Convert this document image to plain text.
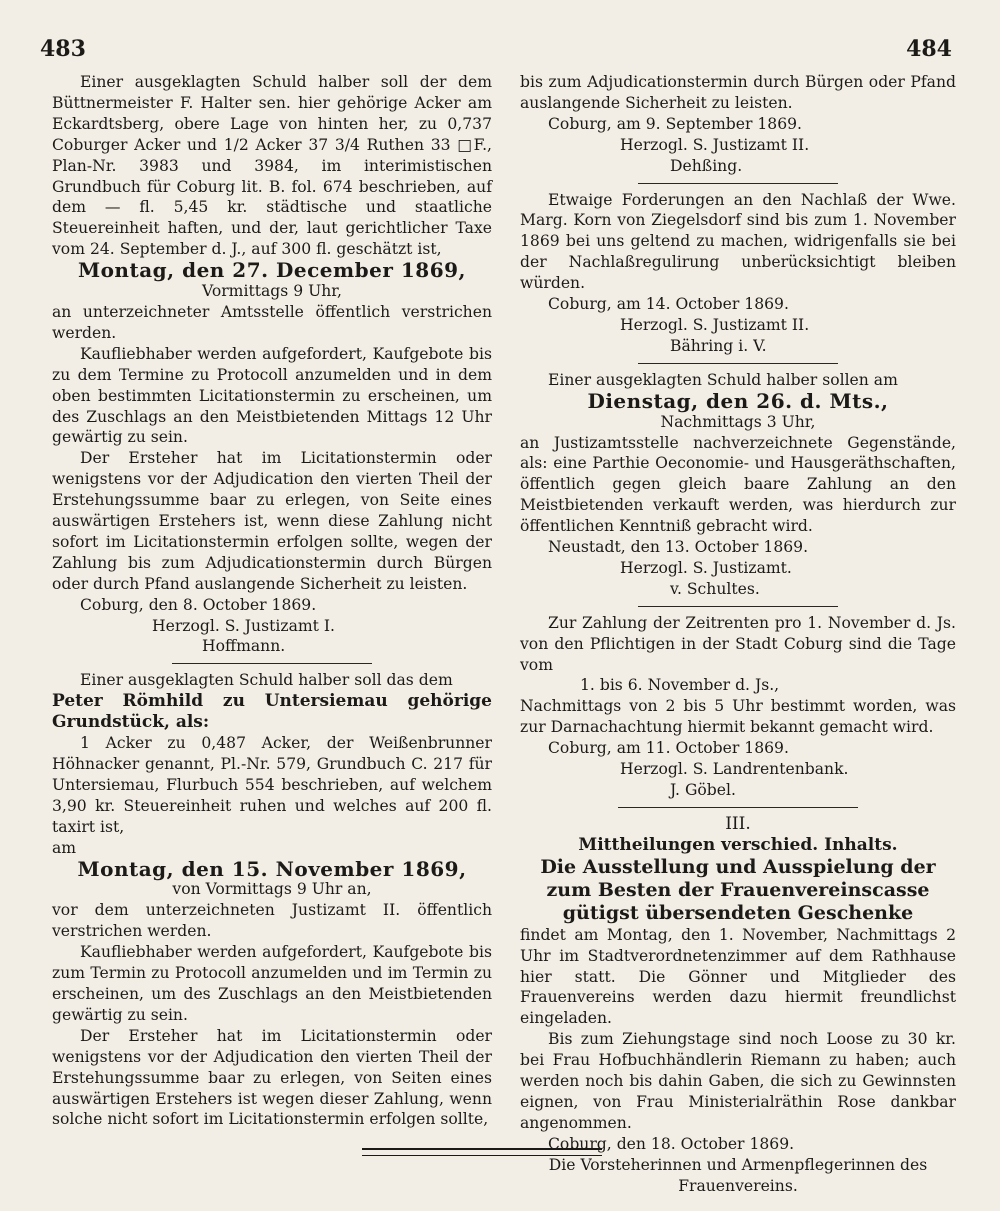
483	484

Einer ausgeklagten Schuld halber soll der dem Büttnermeister F. Halter sen. hier gehörige Acker am Eckardtsberg, obere Lage von hinten her, zu 0,737 Coburger Acker und 1/2 Acker 37 3/4 Ruthen 33 □F., Plan-Nr. 3983 und 3984, im interimistischen Grundbuch für Coburg lit. B. fol. 674 beschrieben, auf dem — fl. 5,45 kr. städtische und staatliche Steuereinheit haften, und der, laut gerichtlicher Taxe vom 24. September d. J., auf 300 fl. geschätzt ist,

Montag, den 27. December 1869,

Vormittags 9 Uhr,

an unterzeichneter Amtsstelle öffentlich verstrichen werden.

Kaufliebhaber werden aufgefordert, Kaufgebote bis zu dem Termine zu Protocoll anzumelden und in dem oben bestimmten Licitationstermin zu erscheinen, um des Zuschlags an den Meistbietenden Mittags 12 Uhr gewärtig zu sein.

Der Ersteher hat im Licitationstermin oder wenigstens vor der Adjudication den vierten Theil der Erstehungssumme baar zu erlegen, von Seite eines auswärtigen Erstehers ist, wenn diese Zahlung nicht sofort im Licitationstermin erfolgen sollte, wegen der Zahlung bis zum Adjudicationstermin durch Bürgen oder durch Pfand auslangende Sicherheit zu leisten.

Coburg, den 8. October 1869.

Herzogl. S. Justizamt I.

Hoffmann.

Einer ausgeklagten Schuld halber soll das dem

Peter Römhild zu Untersiemau gehörige Grundstück, als:

1 Acker zu 0,487 Acker, der Weißenbrunner Höhnacker genannt, Pl.-Nr. 579, Grundbuch C. 217 für Untersiemau, Flurbuch 554 beschrieben, auf welchem 3,90 kr. Steuereinheit ruhen und welches auf 200 fl. taxirt ist,

am

Montag, den 15. November 1869,

von Vormittags 9 Uhr an,

vor dem unterzeichneten Justizamt II. öffentlich verstrichen werden.

Kaufliebhaber werden aufgefordert, Kaufgebote bis zum Termin zu Protocoll anzumelden und im Termin zu erscheinen, um des Zuschlags an den Meistbietenden gewärtig zu sein.

Der Ersteher hat im Licitationstermin oder wenigstens vor der Adjudication den vierten Theil der Erstehungssumme baar zu erlegen, von Seiten eines auswärtigen Erstehers ist wegen dieser Zahlung, wenn solche nicht sofort im Licitationstermin erfolgen sollte,

bis zum Adjudicationstermin durch Bürgen oder Pfand auslangende Sicherheit zu leisten.

Coburg, am 9. September 1869.

Herzogl. S. Justizamt II.

Dehßing.

Etwaige Forderungen an den Nachlaß der Wwe. Marg. Korn von Ziegelsdorf sind bis zum 1. November 1869 bei uns geltend zu machen, widrigenfalls sie bei der Nachlaßregulirung unberücksichtigt bleiben würden.

Coburg, am 14. October 1869.

Herzogl. S. Justizamt II.

Bähring i. V.

Einer ausgeklagten Schuld halber sollen am

Dienstag, den 26. d. Mts.,

Nachmittags 3 Uhr,

an Justizamtsstelle nachverzeichnete Gegenstände, als: eine Parthie Oeconomie- und Hausgeräthschaften, öffentlich gegen gleich baare Zahlung an den Meistbietenden verkauft werden, was hierdurch zur öffentlichen Kenntniß gebracht wird.

Neustadt, den 13. October 1869.

Herzogl. S. Justizamt.

v. Schultes.

Zur Zahlung der Zeitrenten pro 1. November d. Js. von den Pflichtigen in der Stadt Coburg sind die Tage vom

1. bis 6. November d. Js.,

Nachmittags von 2 bis 5 Uhr bestimmt worden, was zur Darnachachtung hiermit bekannt gemacht wird.

Coburg, am 11. October 1869.

Herzogl. S. Landrentenbank.

J. Göbel.

III.

Mittheilungen verschied. Inhalts.

Die Ausstellung und Ausspielung der zum Besten der Frauenvereinscasse gütigst übersendeten Geschenke

findet am Montag, den 1. November, Nachmittags 2 Uhr im Stadtverordnetenzimmer auf dem Rathhause hier statt. Die Gönner und Mitglieder des Frauenvereins werden dazu hiermit freundlichst eingeladen.

Bis zum Ziehungstage sind noch Loose zu 30 kr. bei Frau Hofbuchhändlerin Riemann zu haben; auch werden noch bis dahin Gaben, die sich zu Gewinnsten eignen, von Frau Ministerialräthin Rose dankbar angenommen.

Coburg, den 18. October 1869.

Die Vorsteherinnen und Armenpflegerinnen des Frauenvereins.
